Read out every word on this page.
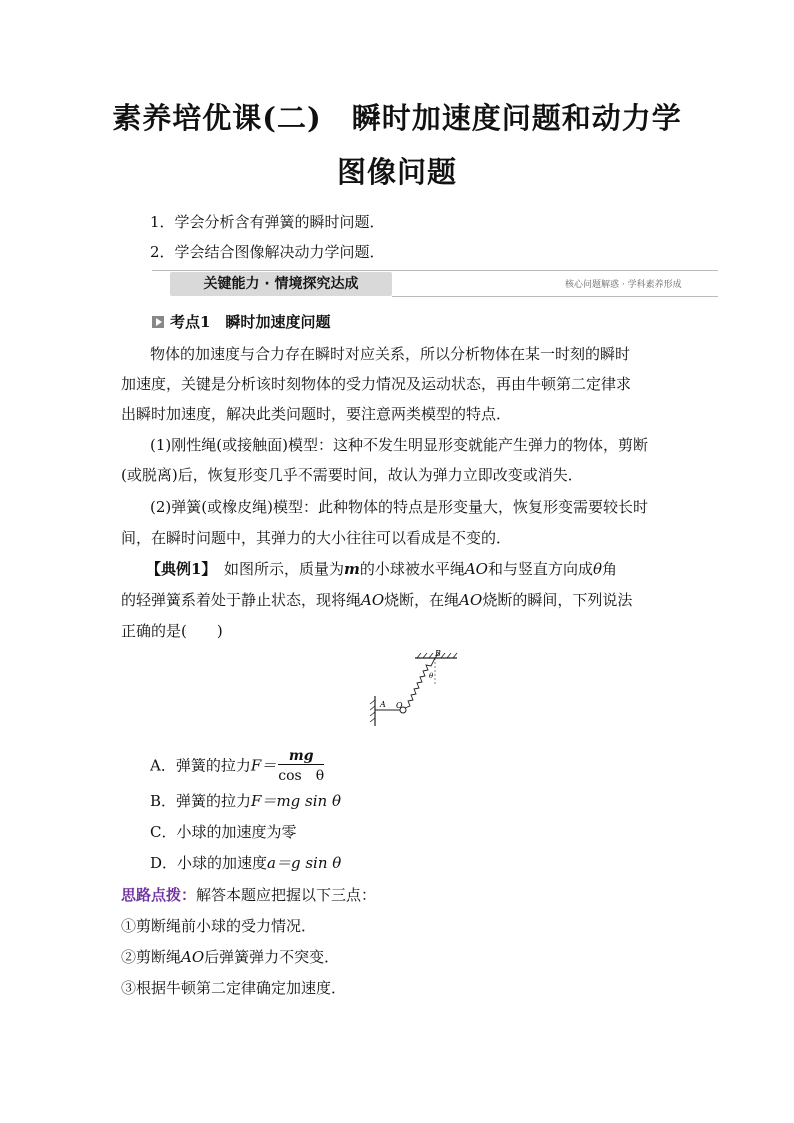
素养培优课(二)　瞬时加速度问题和动力学
图像问题
1．学会分析含有弹簧的瞬时问题．
2．学会结合图像解决动力学问题．
关键能力 · 情境探究达成	核心问题解惑 · 学科素养形成
考点1　瞬时加速度问题
物体的加速度与合力存在瞬时对应关系，所以分析物体在某一时刻的瞬时
加速度，关键是分析该时刻物体的受力情况及运动状态，再由牛顿第二定律求
出瞬时加速度，解决此类问题时，要注意两类模型的特点．
(1)刚性绳(或接触面)模型：这种不发生明显形变就能产生弹力的物体，剪断
(或脱离)后，恢复形变几乎不需要时间，故认为弹力立即改变或消失．
(2)弹簧(或橡皮绳)模型：此种物体的特点是形变量大，恢复形变需要较长时
间，在瞬时问题中，其弹力的大小往往可以看成是不变的．
【典例1】　如图所示，质量为m的小球被水平绳AO和与竖直方向成θ角
的轻弹簧系着处于静止状态，现将绳AO烧断，在绳AO烧断的瞬间，下列说法
正确的是(　　)
A
B
O
θ
A．弹簧的拉力$F= \frac{mg}{\text{cos　θ}}$
B．弹簧的拉力F＝mg sin θ
C．小球的加速度为零
D．小球的加速度a＝g sin θ
思路点拨：解答本题应把握以下三点：
①剪断绳前小球的受力情况．
②剪断绳AO后弹簧弹力不突变．
③根据牛顿第二定律确定加速度．
